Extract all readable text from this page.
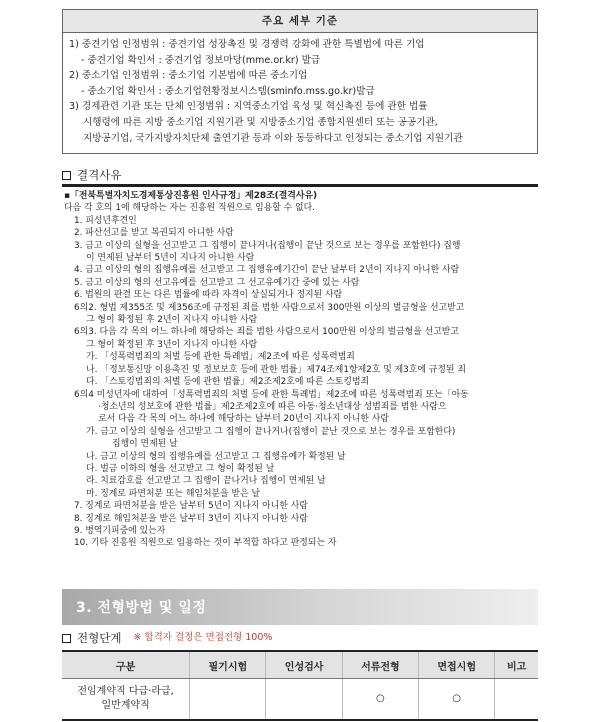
주요 세부 기준
1) 중견기업 인정범위 : 중견기업 성장촉진 및 경쟁력 강화에 관한 특별법에 따른 기업
- 중견기업 확인서 : 중견기업 정보마당(mme.or.kr) 발급
2) 중소기업 인정범위 : 중소기업 기본법에 따른 중소기업
- 중소기업 확인서 : 중소기업현황정보시스템(sminfo.mss.go.kr)발급
3) 경제관련 기관 또는 단체 인정범위 : 지역중소기업 육성 및 혁신촉진 등에 관한 법률
시행령에 따른 지방 중소기업 지원기관 및 지방중소기업 종합지원센터 또는 공공기관,
지방공기업, 국가지방자치단체 출연기관 등과 이와 동등하다고 인정되는 중소기업 지원기관
결격사유
▪「전북특별자치도경제통상진흥원 인사규정」제28조(결격사유)
다음 각 호의 1에 해당하는 자는 진흥원 직원으로 임용할 수 없다.
1. 피성년후견인
2. 파산선고를 받고 복권되지 아니한 사람
3. 금고 이상의 실형을 선고받고 그 집행이 끝나거나(집행이 끝난 것으로 보는 경우를 포함한다) 집행
이 면제된 날부터 5년이 지나지 아니한 사람
4. 금고 이상의 형의 집행유예를 선고받고 그 집행유예기간이 끝난 날부터 2년이 지나지 아니한 사람
5. 금고 이상의 형의 선고유예를 선고받고 그 선고유예기간 중에 있는 사람
6. 법원의 판결 또는 다른 법률에 따라 자격이 상실되거나 정지된 사람
6의2. 형법 제355조 및 제356조에 규정된 죄를 범한 사람으로서 300만원 이상의 벌금형을 선고받고
그 형이 확정된 후 2년이 지나지 아니한 사람
6의3. 다음 각 목의 어느 하나에 해당하는 죄를 범한 사람으로서 100만원 이상의 벌금형을 선고받고
그 형이 확정된 후 3년이 지나지 아니한 사람
가. 「성폭력범죄의 처벌 등에 관한 특례법」제2조에 따른 성폭력범죄
나. 「정보통신망 이용촉진 및 정보보호 등에 관한 법률」제74조제1항제2호 및 제3호에 규정된 죄
다. 「스토킹범죄의 처벌 등에 관한 법률」제2조제2호에 따른 스토킹범죄
6의4 미성년자에 대하여「성폭력범죄의 처벌 등에 관한 특례법」제2조에 따른 성폭력범죄 또는「아동
·청소년의 성보호에 관한 법률」제2조제2호에 따른 아동·청소년대상 성범죄를 범한 사람으
로서 다음 각 목의 어느 하나에 해당하는 날부터 20년이 지나지 아니한 사람
가. 금고 이상의 실형을 선고받고 그 집행이 끝나거나(집행이 끝난 것으로 보는 경우를 포함한다)
집행이 면제된 날
나. 금고 이상의 형의 집행유예를 선고받고 그 집행유예가 확정된 날
다. 벌금 이하의 형을 선고받고 그 형이 확정된 날
라. 치료감호를 선고받고 그 집행이 끝나거나 집행이 면제된 날
마. 징계로 파면처분 또는 해임처분을 받은 날
7. 징계로 파면처분을 받은 날부터 5년이 지나지 아니한 사람
8. 징계로 해임처분을 받은 날부터 3년이 지나지 아니한 사람
9. 병역기피중에 있는자
10. 기타 진흥원 직원으로 임용하는 것이 부적합 하다고 판정되는 자
3. 전형방법 및 일정
전형단계 ※ 합격자 결정은 면접전형 100%
구분	필기시험	인성검사	서류전형	면접시험	비고

전임계약직 다급·라급,
일반계약직			○	○	
